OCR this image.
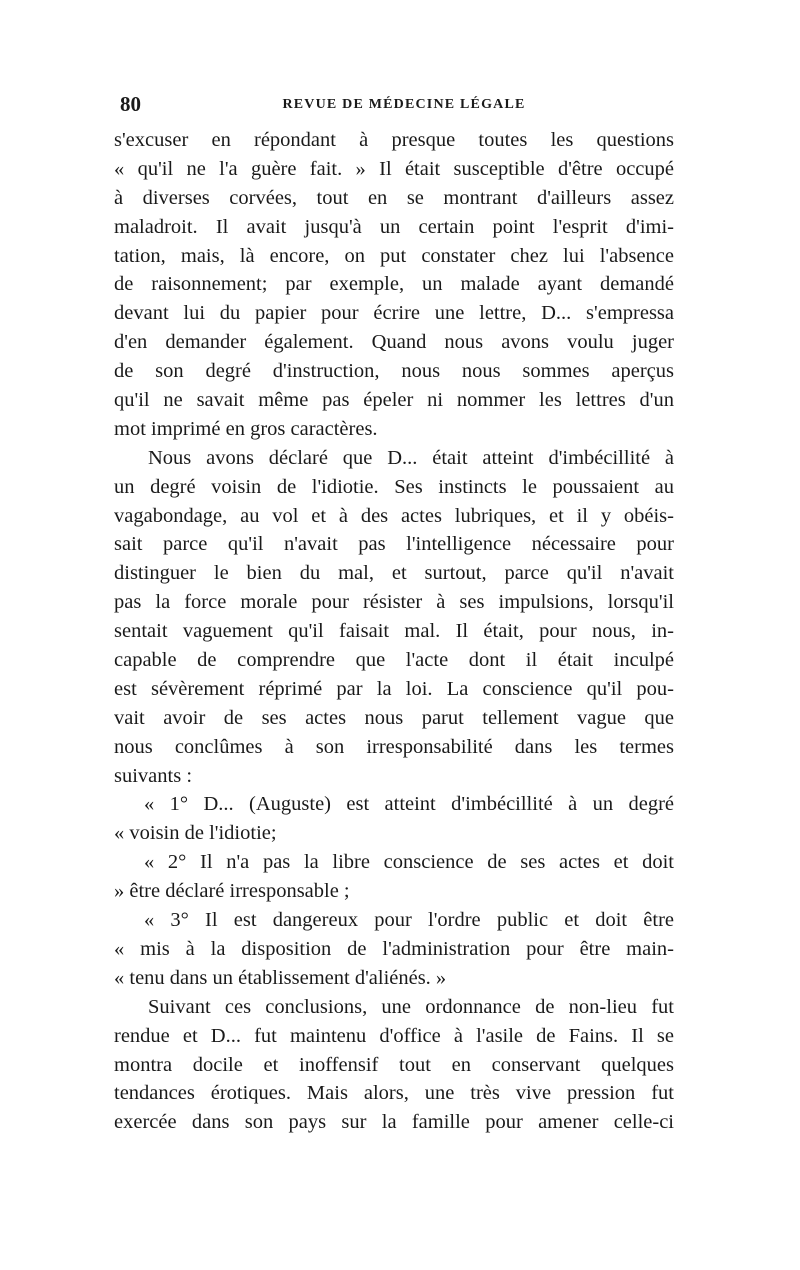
80	REVUE DE MÉDECINE LÉGALE
s'excuser en répondant à presque toutes les questions
« qu'il ne l'a guère fait. » Il était susceptible d'être occupé
à diverses corvées, tout en se montrant d'ailleurs assez
maladroit. Il avait jusqu'à un certain point l'esprit d'imi-
tation, mais, là encore, on put constater chez lui l'absence
de raisonnement; par exemple, un malade ayant demandé
devant lui du papier pour écrire une lettre, D... s'empressa
d'en demander également. Quand nous avons voulu juger
de son degré d'instruction, nous nous sommes aperçus
qu'il ne savait même pas épeler ni nommer les lettres d'un
mot imprimé en gros caractères.
Nous avons déclaré que D... était atteint d'imbécillité à
un degré voisin de l'idiotie. Ses instincts le poussaient au
vagabondage, au vol et à des actes lubriques, et il y obéis-
sait parce qu'il n'avait pas l'intelligence nécessaire pour
distinguer le bien du mal, et surtout, parce qu'il n'avait
pas la force morale pour résister à ses impulsions, lorsqu'il
sentait vaguement qu'il faisait mal. Il était, pour nous, in-
capable de comprendre que l'acte dont il était inculpé
est sévèrement réprimé par la loi. La conscience qu'il pou-
vait avoir de ses actes nous parut tellement vague que
nous conclûmes à son irresponsabilité dans les termes
suivants :
« 1° D... (Auguste) est atteint d'imbécillité à un degré
« voisin de l'idiotie;
« 2° Il n'a pas la libre conscience de ses actes et doit
» être déclaré irresponsable ;
« 3° Il est dangereux pour l'ordre public et doit être
« mis à la disposition de l'administration pour être main-
« tenu dans un établissement d'aliénés. »
Suivant ces conclusions, une ordonnance de non-lieu fut
rendue et D... fut maintenu d'office à l'asile de Fains. Il se
montra docile et inoffensif tout en conservant quelques
tendances érotiques. Mais alors, une très vive pression fut
exercée dans son pays sur la famille pour amener celle-ci
